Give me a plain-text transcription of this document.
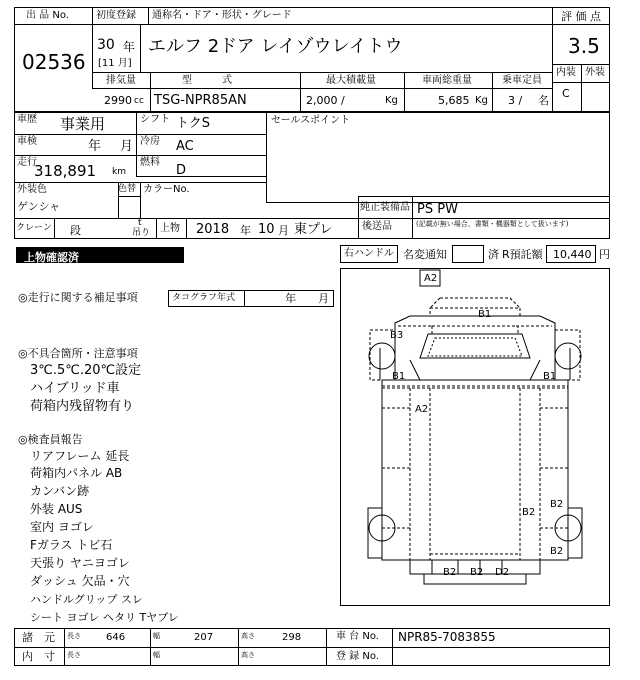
出 品 No.
02536
初度登録 通称名・ドア・形状・グレード
30 年
[11 月]
エルフ 2ドア レイゾウレイトウ
評 価 点
3.5
内装 外装
C
排気量	型　　　式	最大積載量	車両総重量	乗車定員
2990 cc TSG-NPR85AN	2,000 /	Kg	5,685 Kg 3 / 名
車歴 事業用	シフト トクS
車検	年 月 冷房 AC
走行
318,891 km
燃料
D
外装色
ゲンシャ
色替 カラーNo.
セールスポイント
純正装備品 PS PW
後送品	(記載が無い場合、書類・機器類として扱います)
クレーン 段
t
吊り 上物 2018 年 10 月 東プレ
上物確認済	右ハンドル 名変通知	済 R預託額 10,440 円
◎走行に関する補足事項	タコグラフ年式	年 月
◎不具合箇所・注意事項
3℃.5℃.20℃設定
ハイブリッド車
荷箱内残留物有り
◎検査員報告
リアフレーム 延長
荷箱内パネル AB
カンバン跡
外装 AUS
室内 ヨゴレ
Fガラス トビ石
天張り ヤニヨゴレ
ダッシュ 欠品・穴
ハンドルグリップ スレ
シート ヨゴレ ヘタリ Tヤブレ
A2
B1
B3
B1	B1
A2
B2
B2
B2
B2 B2 D2
諸　元 長さ	646	幅	207	高さ	298	車 台 No. NPR85-7083855
内　寸 長さ	幅	高さ	登 録 No.
